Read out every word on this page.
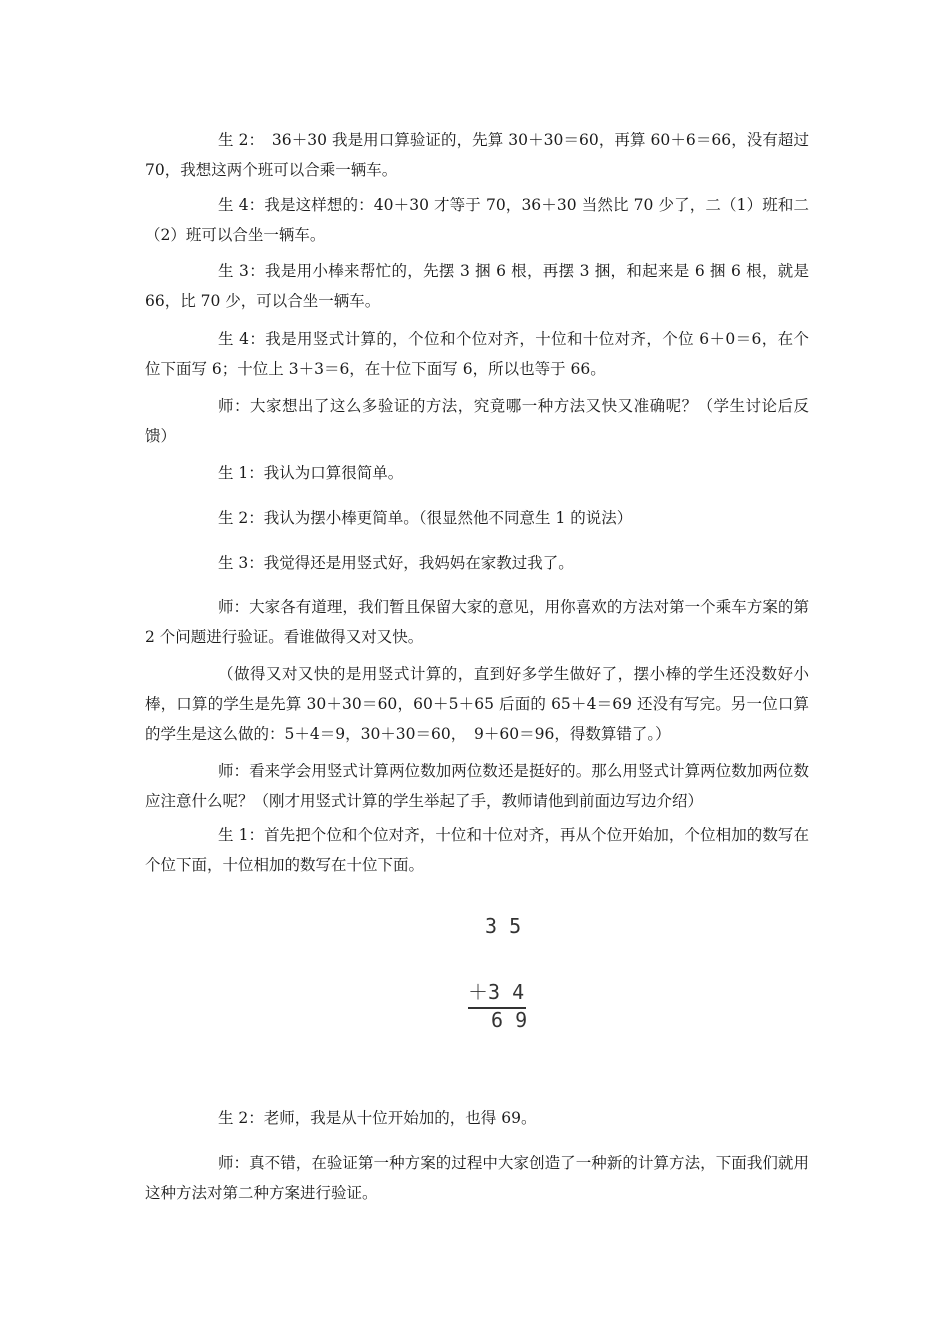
生 2：　36＋30 我是用口算验证的，先算 30＋30＝60，再算 60＋6＝66，没有超过 70，我想这两个班可以合乘一辆车。

生 4：我是这样想的：40＋30 才等于 70，36＋30 当然比 70 少了，二（1）班和二（2）班可以合坐一辆车。

生 3：我是用小棒来帮忙的，先摆 3 捆 6 根，再摆 3 捆，和起来是 6 捆 6 根，就是 66，比 70 少，可以合坐一辆车。

生 4：我是用竖式计算的，个位和个位对齐，十位和十位对齐，个位 6＋0＝6，在个位下面写 6；十位上 3＋3＝6，在十位下面写 6，所以也等于 66。

师：大家想出了这么多验证的方法，究竟哪一种方法又快又准确呢？（学生讨论后反馈）

生 1：我认为口算很简单。

生 2：我认为摆小棒更简单。（很显然他不同意生 1 的说法）

生 3：我觉得还是用竖式好，我妈妈在家教过我了。

师：大家各有道理，我们暂且保留大家的意见，用你喜欢的方法对第一个乘车方案的第 2 个问题进行验证。看谁做得又对又快。

（做得又对又快的是用竖式计算的，直到好多学生做好了，摆小棒的学生还没数好小棒，口算的学生是先算 30＋30＝60，60＋5＋65 后面的 65＋4＝69 还没有写完。另一位口算的学生是这么做的：5＋4＝9，30＋30＝60，　9＋60＝96，得数算错了。）

师：看来学会用竖式计算两位数加两位数还是挺好的。那么用竖式计算两位数加两位数应注意什么呢？（刚才用竖式计算的学生举起了手，教师请他到前面边写边介绍）

生 1：首先把个位和个位对齐，十位和十位对齐，再从个位开始加，个位相加的数写在个位下面，十位相加的数写在十位下面。

3 5
＋3 4
6 9

生 2：老师，我是从十位开始加的，也得 69。

师：真不错，在验证第一种方案的过程中大家创造了一种新的计算方法，下面我们就用这种方法对第二种方案进行验证。
